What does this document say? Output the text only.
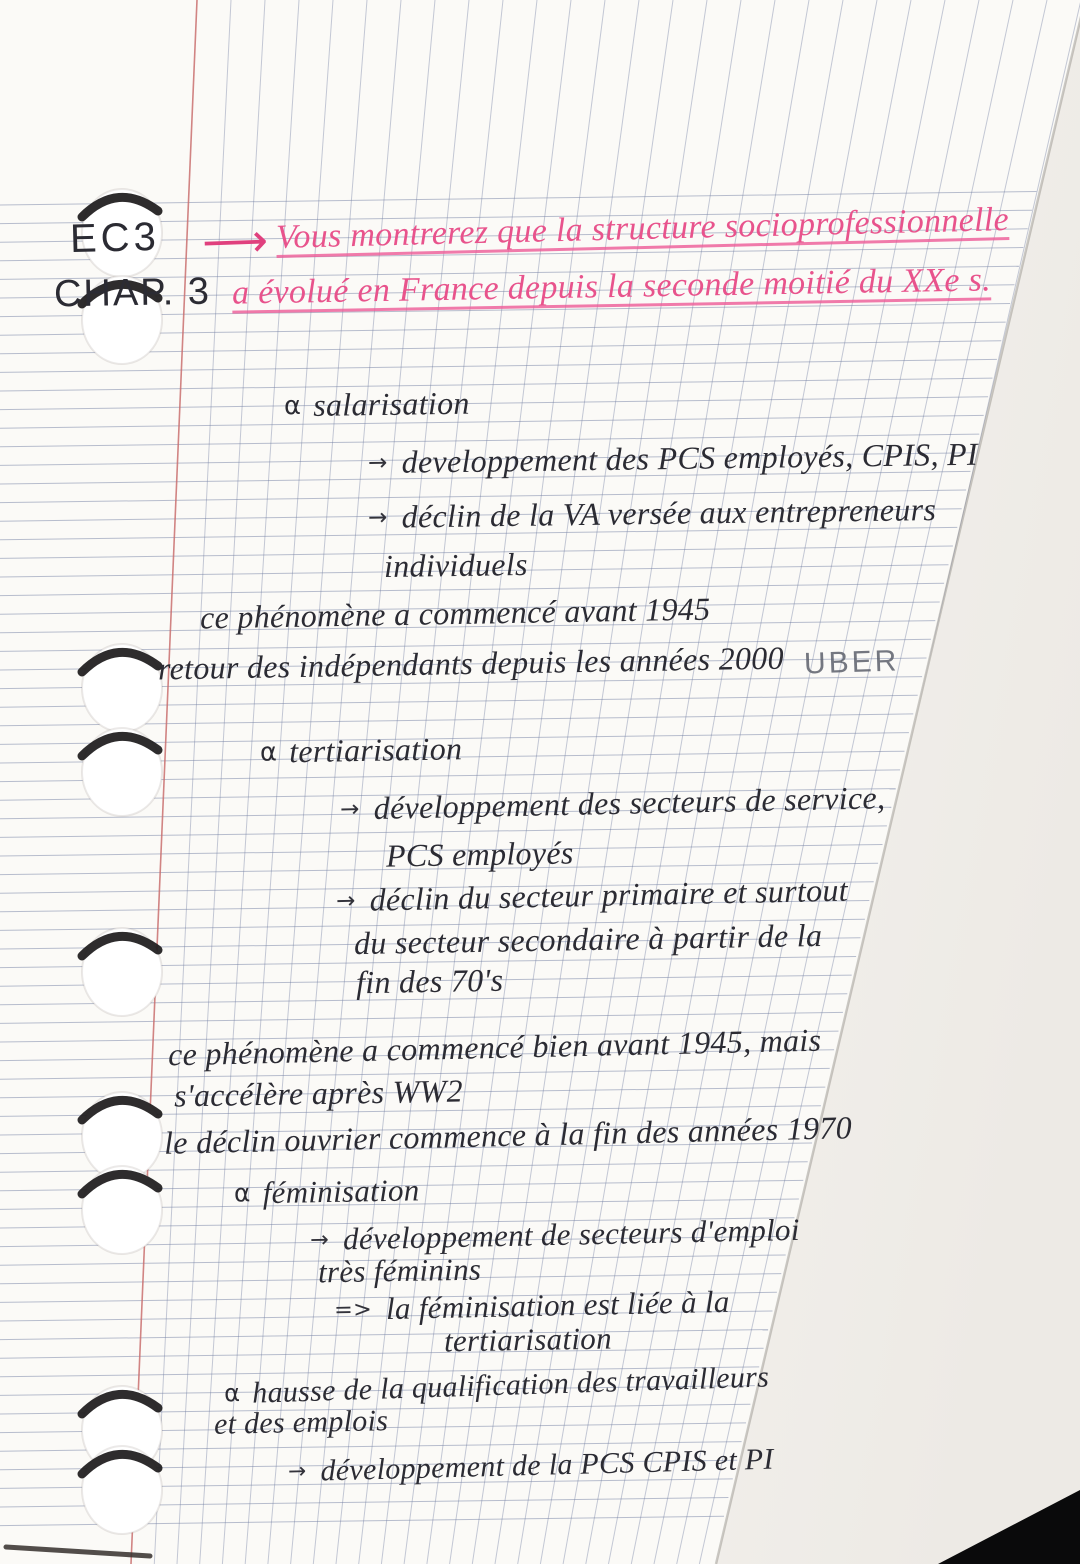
EC3
CHAP. 3
⟶ Vous montrerez que la structure socioprofessionnelle
a évolué en France depuis la seconde moitié du XXe s.
α salarisation
→ developpement des PCS employés, CPIS, PI
→ déclin de la VA versée aux entrepreneurs
individuels
ce phénomène a commencé avant 1945
retour des indépendants depuis les années 2000 UBER
α tertiarisation
→ développement des secteurs de service,
PCS employés
→ déclin du secteur primaire et surtout
du secteur secondaire à partir de la
fin des 70's
ce phénomène a commencé bien avant 1945, mais
s'accélère après WW2
le déclin ouvrier commence à la fin des années 1970
α féminisation
→ développement de secteurs d'emploi
très féminins
=> la féminisation est liée à la
tertiarisation
α hausse de la qualification des travailleurs
et des emplois
→ développement de la PCS CPIS et PI
